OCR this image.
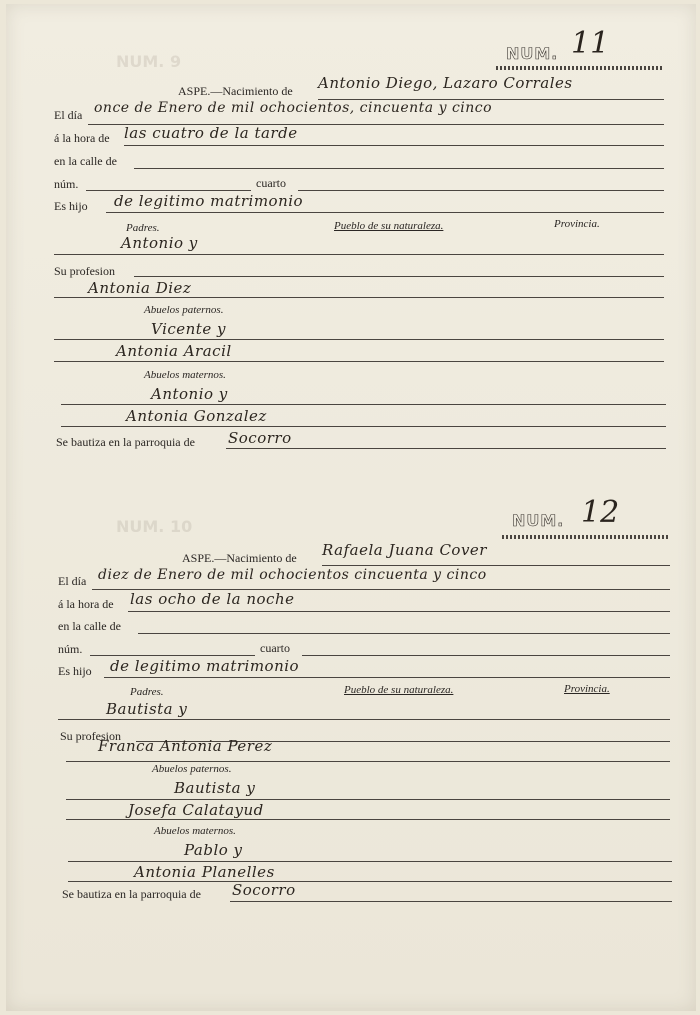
NUM. 9	NUM. 11
ASPE.—Nacimiento de Antonio Diego, Lazaro Corrales
El día once de Enero de mil ochocientos, cincuenta y cinco
á la hora de las cuatro de la tarde
en la calle de
núm.	cuarto
Es hijo de legitimo matrimonio
Padres.	Pueblo de su naturaleza.	Provincia.
Antonio y
Su profesion
Antonia Diez
Abuelos paternos.
Vicente y
Antonia Aracil
Abuelos maternos.
Antonio y
Antonia Gonzalez
Se bautiza en la parroquia de Socorro
NUM. 10	NUM. 12
ASPE.—Nacimiento de Rafaela Juana Cover
El día diez de Enero de mil ochocientos cincuenta y cinco
á la hora de las ocho de la noche
en la calle de
núm.	cuarto
Es hijo de legitimo matrimonio
Padres.	Pueblo de su naturaleza.	Provincia.
Bautista y
Su profesion
Franca Antonia Perez
Abuelos paternos.
Bautista y
Josefa Calatayud
Abuelos maternos.
Pablo y
Antonia Planelles
Se bautiza en la parroquia de Socorro
